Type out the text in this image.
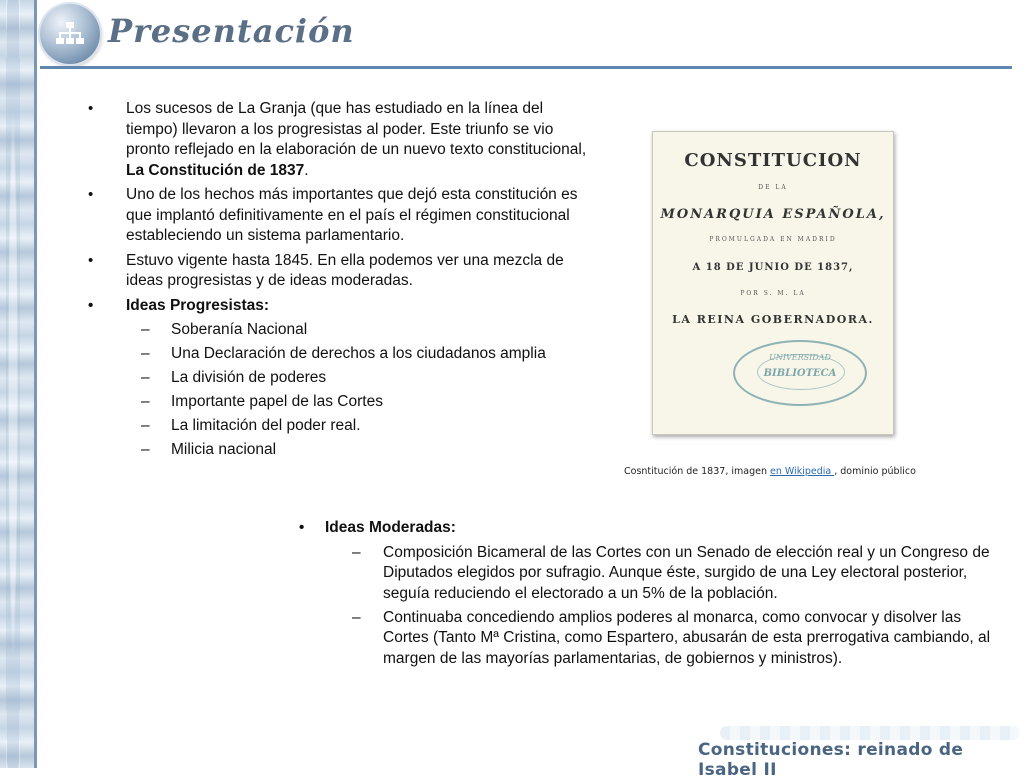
Presentación
• Los sucesos de La Granja (que has estudiado en la línea del tiempo) llevaron a los progresistas al poder. Este triunfo se vio pronto reflejado en la elaboración de un nuevo texto constitucional, La Constitución de 1837.
• Uno de los hechos más importantes que dejó esta constitución es que implantó definitivamente en el país el régimen constitucional estableciendo un sistema parlamentario.
• Estuvo vigente hasta 1845. En ella podemos ver una mezcla de ideas progresistas y de ideas moderadas.
• Ideas Progresistas:
– Soberanía Nacional
– Una Declaración de derechos a los ciudadanos amplia
– La división de poderes
– Importante papel de las Cortes
– La limitación del poder real.
– Milicia nacional
CONSTITUCION
DE LA
MONARQUIA ESPAÑOLA,
PROMULGADA EN MADRID
A 18 DE JUNIO DE 1837,
POR S. M. LA
LA REINA GOBERNADORA.
UNIVERSIDAD
BIBLIOTECA
Cosntitución de 1837, imagen en Wikipedia , dominio público
• Ideas Moderadas:
– Composición Bicameral de las Cortes con un Senado de elección real y un Congreso de Diputados elegidos por sufragio. Aunque éste, surgido de una Ley electoral posterior, seguía reduciendo el electorado a un 5% de la población.
– Continuaba concediendo amplios poderes al monarca, como convocar y disolver las Cortes (Tanto Mª Cristina, como Espartero, abusarán de esta prerrogativa cambiando, al margen de las mayorías parlamentarias, de gobiernos y ministros).
Constituciones: reinado de Isabel II
